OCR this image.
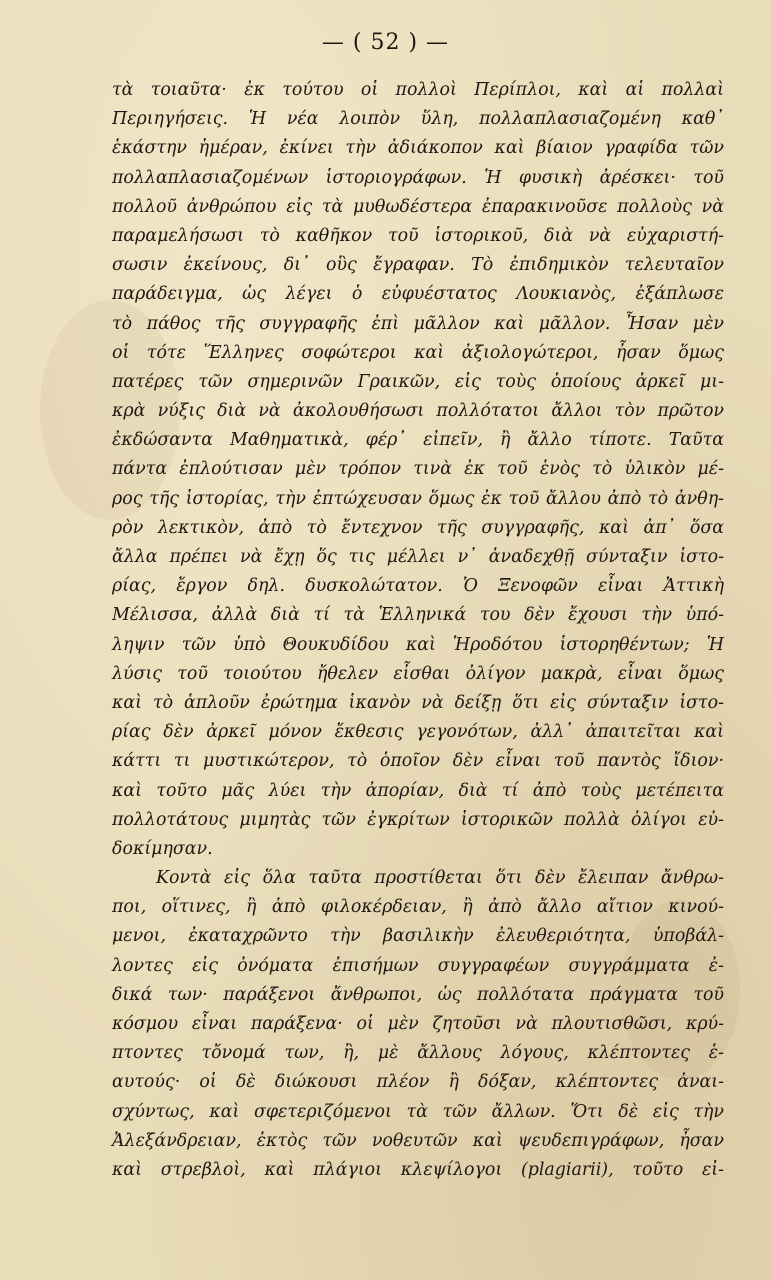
— ( 52 ) —
τὰ τοιαῦτα· ἐκ τούτου οἱ πολλοὶ Περίπλοι, καὶ αἱ πολλαὶ
Περιηγήσεις. Ἡ νέα λοιπὸν ὕλη, πολλαπλασιαζομένη καθ᾿
ἑκάστην ἡμέραν, ἐκίνει τὴν ἀδιάκοπον καὶ βίαιον γραφίδα τῶν
πολλαπλασιαζομένων ἱστοριογράφων. Ἡ φυσικὴ ἀρέσκει· τοῦ
πολλοῦ ἀνθρώπου εἰς τὰ μυθωδέστερα ἐπαρακινοῦσε πολλοὺς νὰ
παραμελήσωσι τὸ καθῆκον τοῦ ἱστορικοῦ, διὰ νὰ εὐχαριστή-
σωσιν ἐκείνους, δι᾿ οὓς ἔγραφαν. Τὸ ἐπιδημικὸν τελευταῖον
παράδειγμα, ὡς λέγει ὁ εὐφυέστατος Λουκιανὸς, ἐξάπλωσε
τὸ πάθος τῆς συγγραφῆς ἐπὶ μᾶλλον καὶ μᾶλλον. Ἦσαν μὲν
οἱ τότε Ἕλληνες σοφώτεροι καὶ ἀξιολογώτεροι, ἦσαν ὅμως
πατέρες τῶν σημερινῶν Γραικῶν, εἰς τοὺς ὁποίους ἀρκεῖ μι-
κρὰ νύξις διὰ νὰ ἀκολουθήσωσι πολλότατοι ἄλλοι τὸν πρῶτον
ἐκδώσαντα Μαθηματικὰ, φέρ᾿ εἰπεῖν, ἢ ἄλλο τίποτε. Ταῦτα
πάντα ἐπλούτισαν μὲν τρόπον τινὰ ἐκ τοῦ ἑνὸς τὸ ὑλικὸν μέ-
ρος τῆς ἱστορίας, τὴν ἐπτώχευσαν ὅμως ἐκ τοῦ ἄλλου ἀπὸ τὸ ἀνθη-
ρὸν λεκτικὸν, ἀπὸ τὸ ἔντεχνον τῆς συγγραφῆς, καὶ ἀπ᾿ ὅσα
ἄλλα πρέπει νὰ ἔχῃ ὅς τις μέλλει ν᾿ ἀναδεχθῇ σύνταξιν ἱστο-
ρίας, ἔργον δηλ. δυσκολώτατον. Ὁ Ξενοφῶν εἶναι Ἀττικὴ
Μέλισσα, ἀλλὰ διὰ τί τὰ Ἑλληνικά του δὲν ἔχουσι τὴν ὑπό-
ληψιν τῶν ὑπὸ Θουκυδίδου καὶ Ἡροδότου ἱστορηθέντων; Ἡ
λύσις τοῦ τοιούτου ἤθελεν εἶσθαι ὀλίγον μακρὰ, εἶναι ὅμως
καὶ τὸ ἁπλοῦν ἐρώτημα ἱκανὸν νὰ δείξῃ ὅτι εἰς σύνταξιν ἱστο-
ρίας δὲν ἀρκεῖ μόνον ἔκθεσις γεγονότων, ἀλλ᾿ ἀπαιτεῖται καὶ
κάττι τι μυστικώτερον, τὸ ὁποῖον δὲν εἶναι τοῦ παντὸς ἴδιον·
καὶ τοῦτο μᾶς λύει τὴν ἀπορίαν, διὰ τί ἀπὸ τοὺς μετέπειτα
πολλοτάτους μιμητὰς τῶν ἐγκρίτων ἱστορικῶν πολλὰ ὀλίγοι εὐ-
δοκίμησαν.
Κοντὰ εἰς ὅλα ταῦτα προστίθεται ὅτι δὲν ἔλειπαν ἄνθρω-
ποι, οἵτινες, ἢ ἀπὸ φιλοκέρδειαν, ἢ ἀπὸ ἄλλο αἴτιον κινού-
μενοι, ἐκαταχρῶντο τὴν βασιλικὴν ἐλευθεριότητα, ὑποβάλ-
λοντες εἰς ὀνόματα ἐπισήμων συγγραφέων συγγράμματα ἐ-
δικά των· παράξενοι ἄνθρωποι, ὡς πολλότατα πράγματα τοῦ
κόσμου εἶναι παράξενα· οἱ μὲν ζητοῦσι νὰ πλουτισθῶσι, κρύ-
πτοντες τὄνομά των, ἢ, μὲ ἄλλους λόγους, κλέπτοντες ἑ-
αυτούς· οἱ δὲ διώκουσι πλέον ἢ δόξαν, κλέπτοντες ἀναι-
σχύντως, καὶ σφετεριζόμενοι τὰ τῶν ἄλλων. Ὅτι δὲ εἰς τὴν
Ἀλεξάνδρειαν, ἐκτὸς τῶν νοθευτῶν καὶ ψευδεπιγράφων, ἦσαν
καὶ στρεβλοὶ, καὶ πλάγιοι κλεψίλογοι (plagiarii), τοῦτο εἰ-
